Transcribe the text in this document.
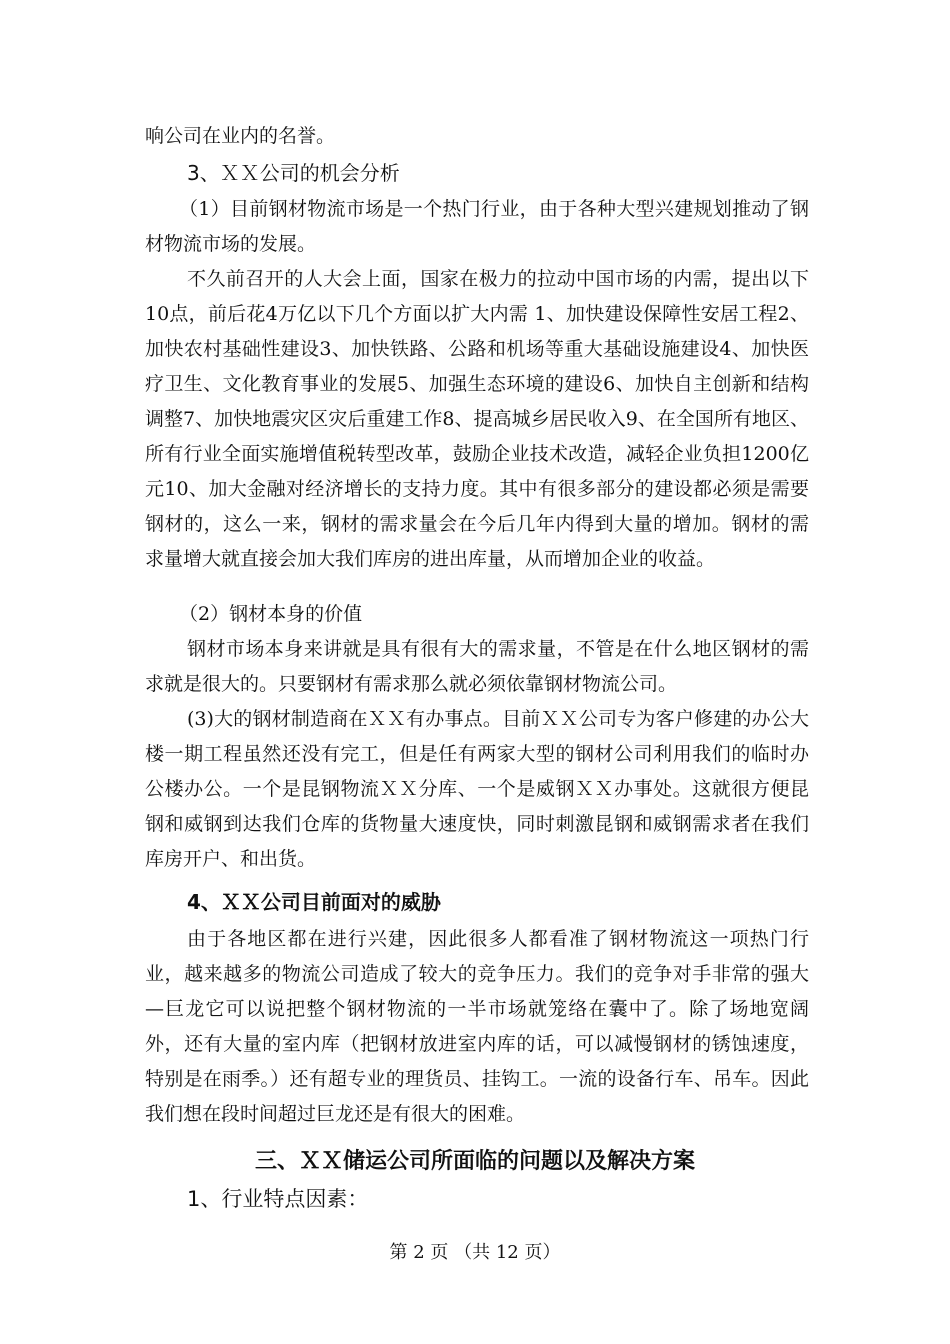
响公司在业内的名誉。
3、ＸＸ公司的机会分析

（1）目前钢材物流市场是一个热门行业，由于各种大型兴建规划推动了钢材物流市场的发展。

不久前召开的人大会上面，国家在极力的拉动中国市场的内需，提出以下10点，前后花4万亿以下几个方面以扩大内需 1、加快建设保障性安居工程2、加快农村基础性建设3、加快铁路、公路和机场等重大基础设施建设4、加快医疗卫生、文化教育事业的发展5、加强生态环境的建设6、加快自主创新和结构调整7、加快地震灾区灾后重建工作8、提高城乡居民收入9、在全国所有地区、所有行业全面实施增值税转型改革，鼓励企业技术改造，减轻企业负担1200亿元10、加大金融对经济增长的支持力度。其中有很多部分的建设都必须是需要钢材的，这么一来，钢材的需求量会在今后几年内得到大量的增加。钢材的需求量增大就直接会加大我们库房的进出库量，从而增加企业的收益。

（2）钢材本身的价值

钢材市场本身来讲就是具有很有大的需求量，不管是在什么地区钢材的需求就是很大的。只要钢材有需求那么就必须依靠钢材物流公司。

(3)大的钢材制造商在ＸＸ有办事点。目前ＸＸ公司专为客户修建的办公大楼一期工程虽然还没有完工，但是任有两家大型的钢材公司利用我们的临时办公楼办公。一个是昆钢物流ＸＸ分库、一个是威钢ＸＸ办事处。这就很方便昆钢和威钢到达我们仓库的货物量大速度快，同时刺激昆钢和威钢需求者在我们库房开户、和出货。

4、ＸＸ公司目前面对的威胁

由于各地区都在进行兴建，因此很多人都看准了钢材物流这一项热门行业，越来越多的物流公司造成了较大的竞争压力。我们的竞争对手非常的强大—巨龙它可以说把整个钢材物流的一半市场就笼络在囊中了。除了场地宽阔外，还有大量的室内库（把钢材放进室内库的话，可以减慢钢材的锈蚀速度，特别是在雨季。）还有超专业的理货员、挂钩工。一流的设备行车、吊车。因此我们想在段时间超过巨龙还是有很大的困难。

三、ＸＸ储运公司所面临的问题以及解决方案
1、行业特点因素：
第 2 页 （共 12 页）
